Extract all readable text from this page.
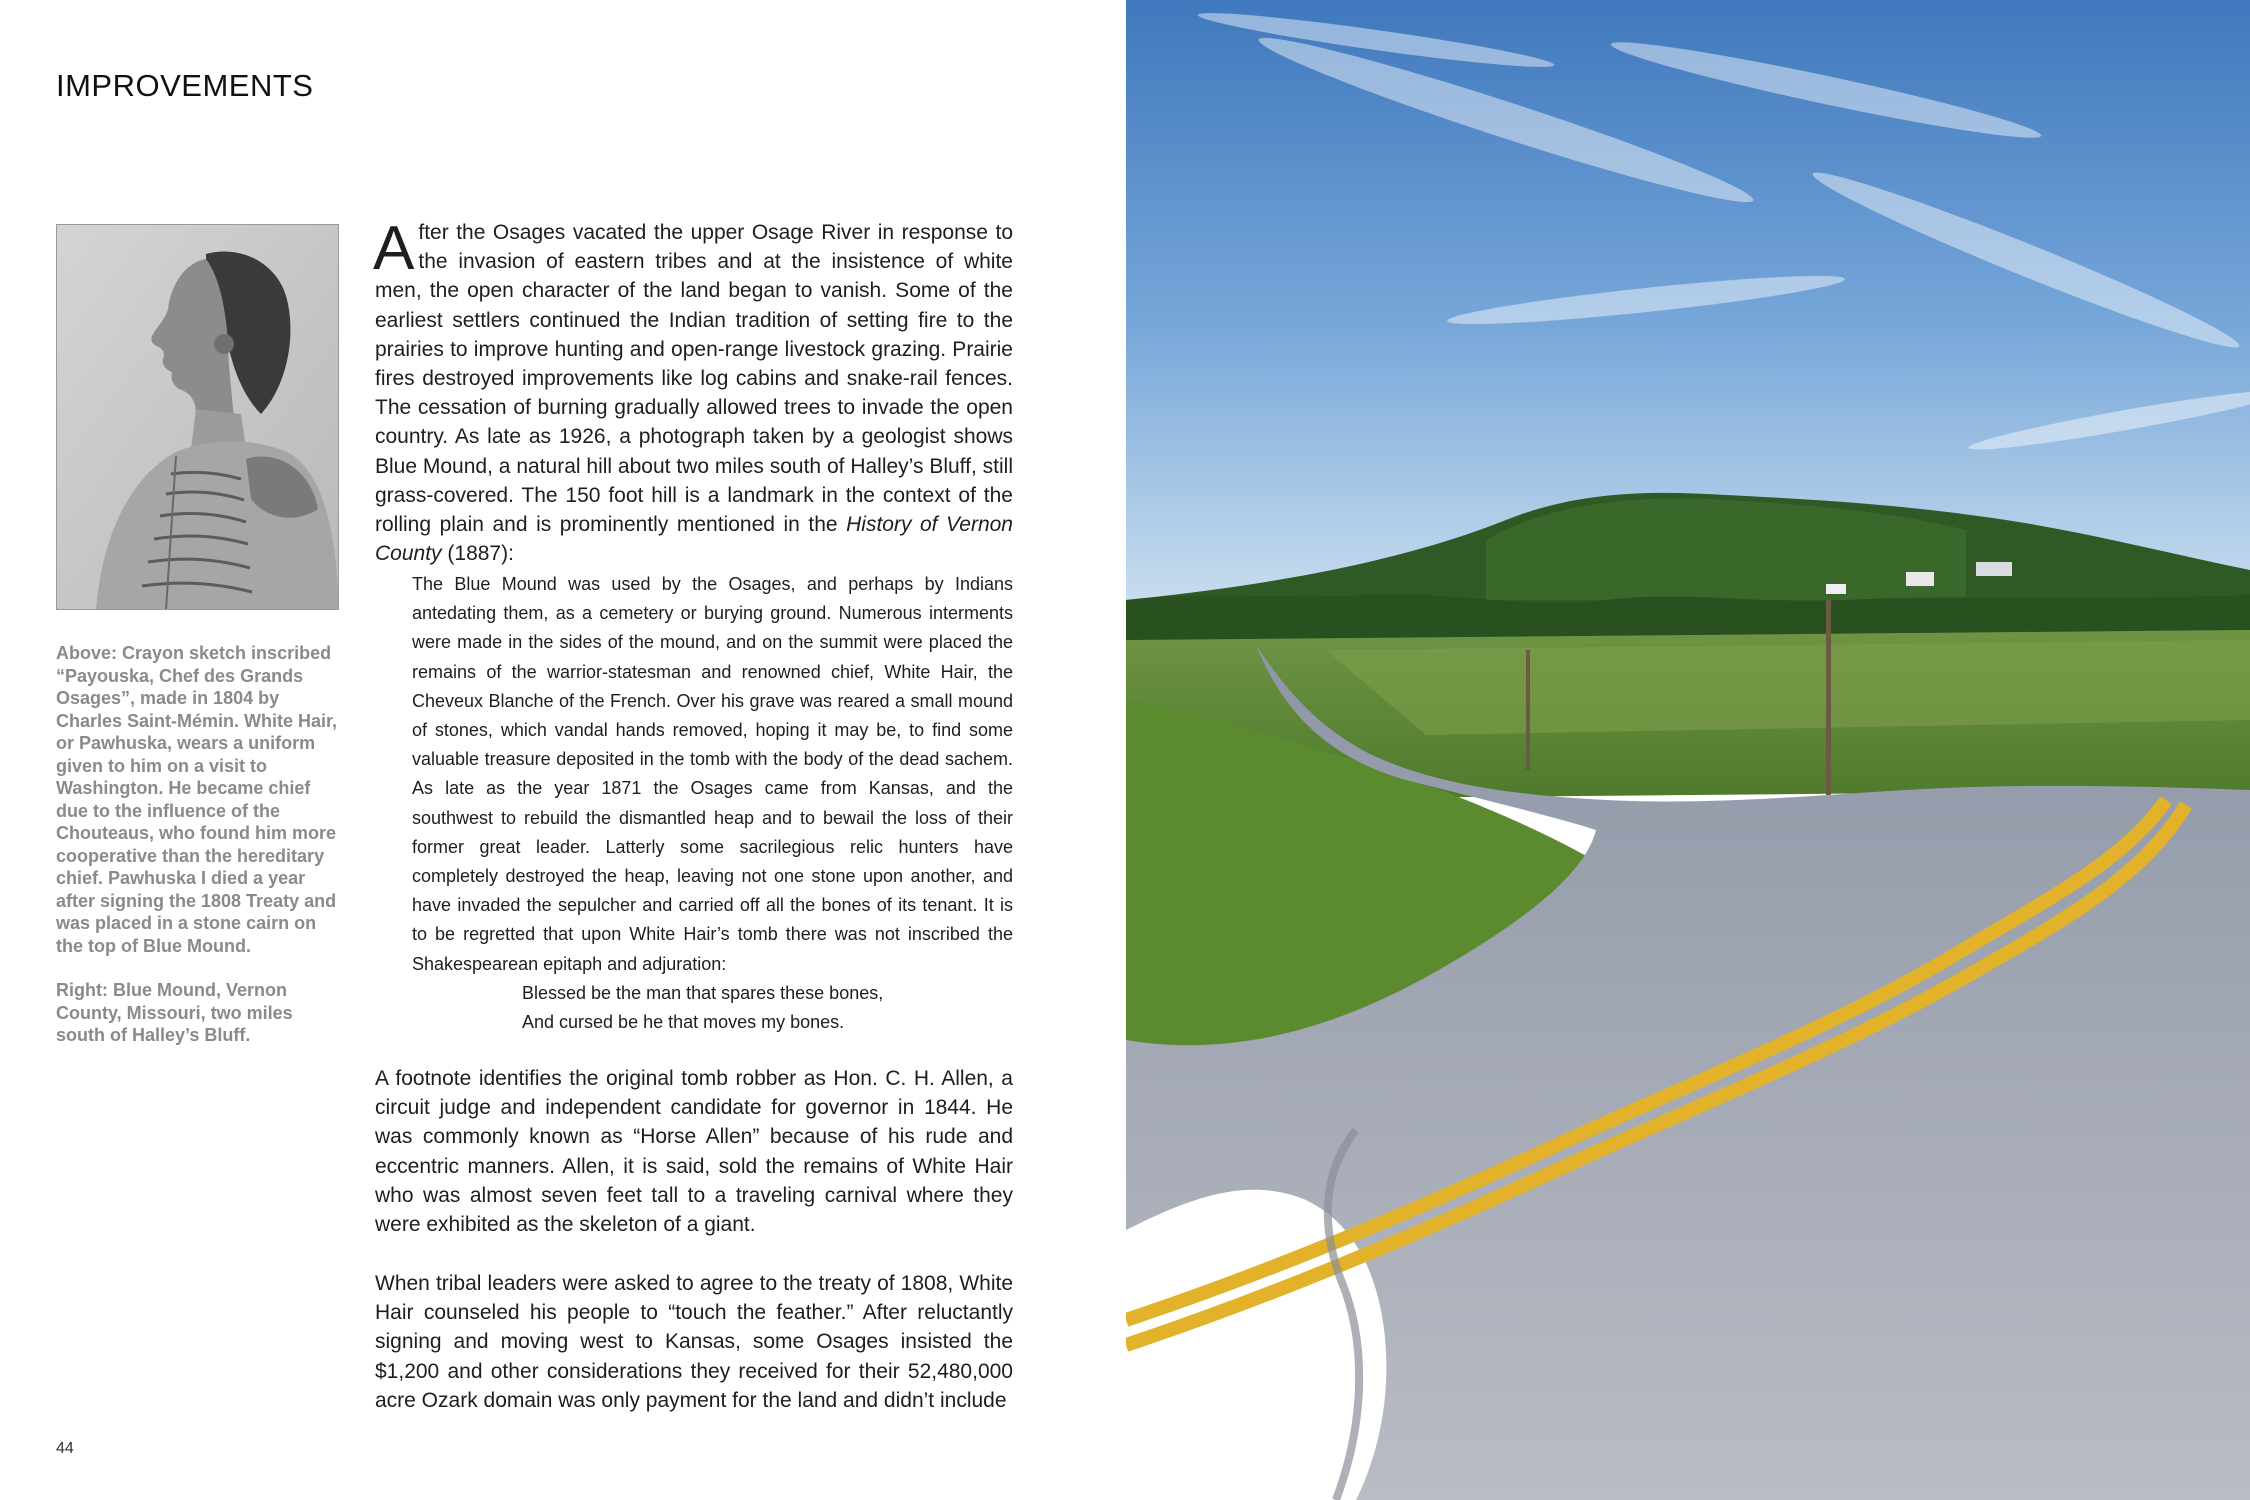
IMPROVEMENTS

Above: Crayon sketch inscribed “Payouska, Chef des Grands Osages”, made in 1804 by Charles Saint-Mémin. White Hair, or Pawhuska, wears a uniform given to him on a visit to Washington. He became chief due to the influence of the Chouteaus, who found him more cooperative than the hereditary chief. Pawhuska I died a year after signing the 1808 Treaty and was placed in a stone cairn on the top of Blue Mound.

Right: Blue Mound, Vernon County, Missouri, two miles south of Halley’s Bluff.

A fter the Osages vacated the upper Osage River in response to the invasion of eastern tribes and at the insistence of white men, the open character of the land began to vanish. Some of the earliest settlers continued the Indian tradition of setting fire to the prairies to improve hunting and open-range livestock grazing. Prairie fires destroyed improvements like log cabins and snake-rail fences. The cessation of burning gradually allowed trees to invade the open country. As late as 1926, a photograph taken by a geologist shows Blue Mound, a natural hill about two miles south of Halley’s Bluff, still grass-covered. The 150 foot hill is a landmark in the context of the rolling plain and is prominently mentioned in the History of Vernon County (1887):

The Blue Mound was used by the Osages, and perhaps by Indians antedating them, as a cemetery or burying ground. Numerous interments were made in the sides of the mound, and on the summit were placed the remains of the warrior-statesman and renowned chief, White Hair, the Cheveux Blanche of the French. Over his grave was reared a small mound of stones, which vandal hands removed, hoping it may be, to find some valuable treasure deposited in the tomb with the body of the dead sachem. As late as the year 1871 the Osages came from Kansas, and the southwest to rebuild the dismantled heap and to bewail the loss of their former great leader. Latterly some sacrilegious relic hunters have completely destroyed the heap, leaving not one stone upon another, and have invaded the sepulcher and carried off all the bones of its tenant. It is to be regretted that upon White Hair’s tomb there was not inscribed the Shakespearean epitaph and adjuration:

Blessed be the man that spares these bones,
And cursed be he that moves my bones.

A footnote identifies the original tomb robber as Hon. C. H. Allen, a circuit judge and independent candidate for governor in 1844. He was commonly known as “Horse Allen” because of his rude and eccentric manners. Allen, it is said, sold the remains of White Hair who was almost seven feet tall to a traveling carnival where they were exhibited as the skeleton of a giant.

When tribal leaders were asked to agree to the treaty of 1808, White Hair counseled his people to “touch the feather.” After reluctantly signing and moving west to Kansas, some Osages insisted the $1,200 and other considerations they received for their 52,480,000 acre Ozark domain was only payment for the land and didn’t include

44
